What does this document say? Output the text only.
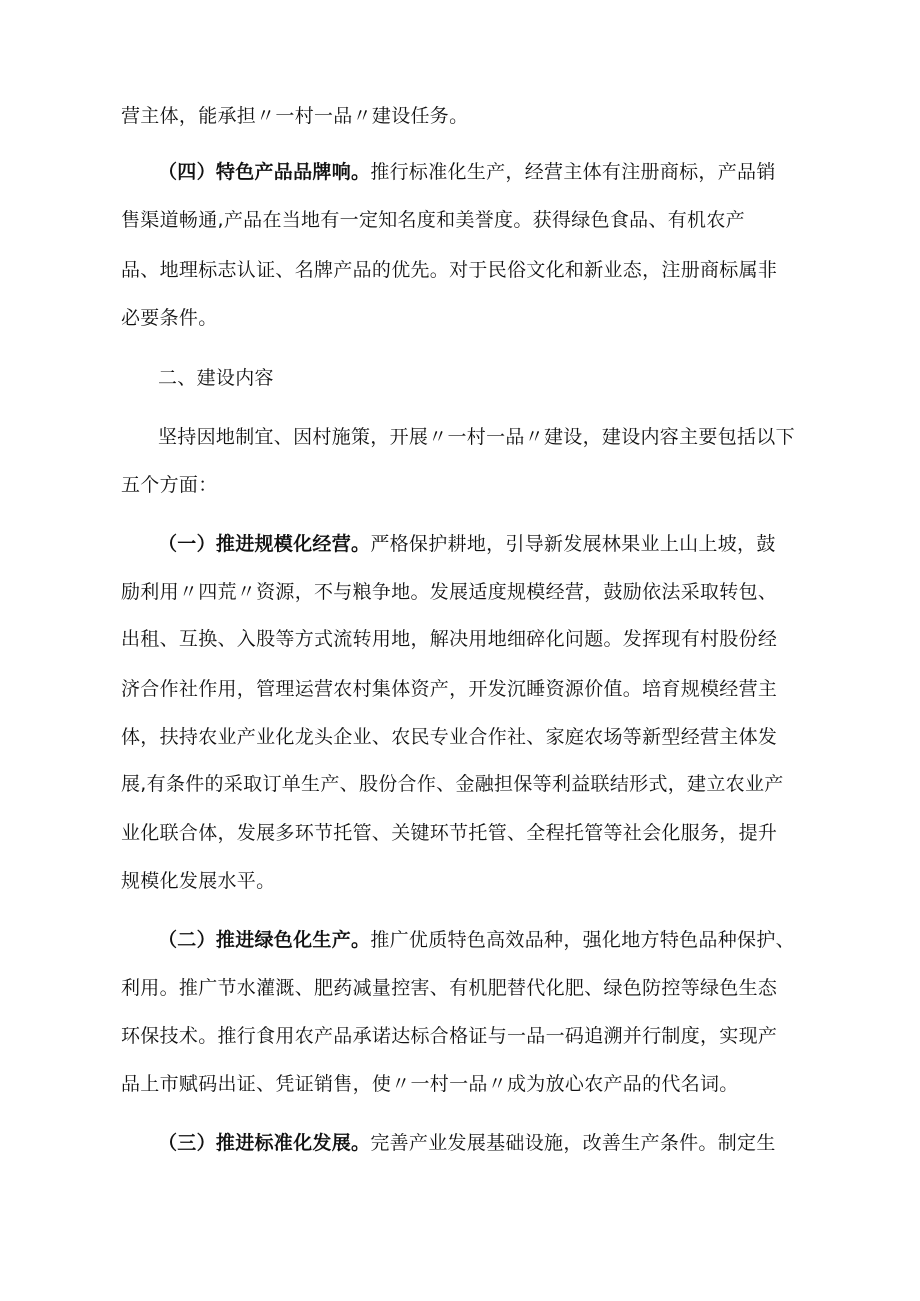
营主体，能承担〃一村一品〃建设任务。
（四）特色产品品牌响。推行标准化生产，经营主体有注册商标，产品销
售渠道畅通,产品在当地有一定知名度和美誉度。获得绿色食品、有机农产
品、地理标志认证、名牌产品的优先。对于民俗文化和新业态，注册商标属非
必要条件。
二、建设内容
坚持因地制宜、因村施策，开展〃一村一品〃建设，建设内容主要包括以下
五个方面：
（一）推进规模化经营。严格保护耕地，引导新发展林果业上山上坡，鼓
励利用〃四荒〃资源，不与粮争地。发展适度规模经营，鼓励依法采取转包、
出租、互换、入股等方式流转用地，解决用地细碎化问题。发挥现有村股份经
济合作社作用，管理运营农村集体资产，开发沉睡资源价值。培育规模经营主
体，扶持农业产业化龙头企业、农民专业合作社、家庭农场等新型经营主体发
展,有条件的采取订单生产、股份合作、金融担保等利益联结形式，建立农业产
业化联合体，发展多环节托管、关键环节托管、全程托管等社会化服务，提升
规模化发展水平。
（二）推进绿色化生产。推广优质特色高效品种，强化地方特色品种保护、
利用。推广节水灌溉、肥药减量控害、有机肥替代化肥、绿色防控等绿色生态
环保技术。推行食用农产品承诺达标合格证与一品一码追溯并行制度，实现产
品上市赋码出证、凭证销售，使〃一村一品〃成为放心农产品的代名词。
（三）推进标准化发展。完善产业发展基础设施，改善生产条件。制定生
